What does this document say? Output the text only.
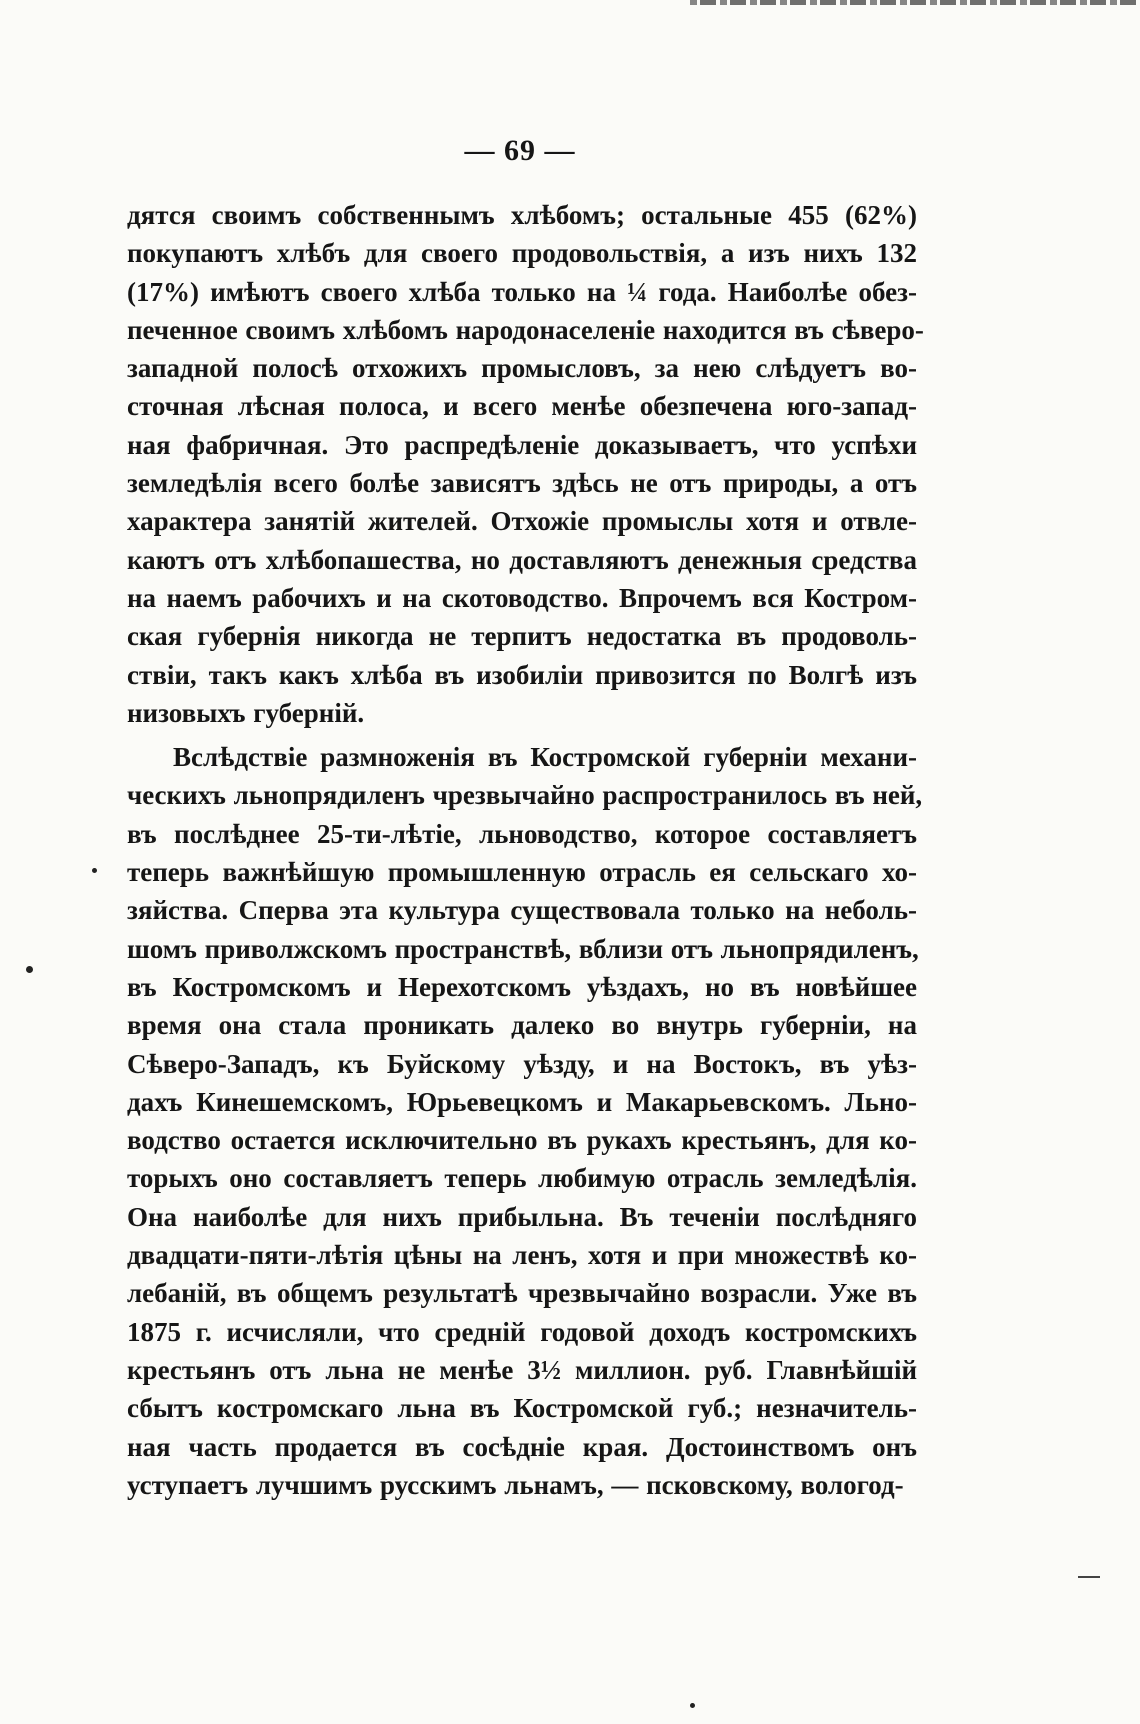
— 69 —
дятся своимъ собственнымъ хлѣбомъ; остальные 455 (62%)
покупаютъ хлѣбъ для своего продовольствія, а изъ нихъ 132
(17%) имѣютъ своего хлѣба только на ¼ года. Наиболѣе обез-
печенное своимъ хлѣбомъ народонаселеніе находится въ сѣверо-
западной полосѣ отхожихъ промысловъ, за нею слѣдуетъ во-
сточная лѣсная полоса, и всего менѣе обезпечена юго-запад-
ная фабричная. Это распредѣленіе доказываетъ, что успѣхи
земледѣлія всего болѣе зависятъ здѣсь не отъ природы, а отъ
характера занятій жителей. Отхожіе промыслы хотя и отвле-
каютъ отъ хлѣбопашества, но доставляютъ денежныя средства
на наемъ рабочихъ и на скотоводство. Впрочемъ вся Костром-
ская губернія никогда не терпитъ недостатка въ продоволь-
ствіи, такъ какъ хлѣба въ изобиліи привозится по Волгѣ изъ
низовыхъ губерній.
Вслѣдствіе размноженія въ Костромской губерніи механи-
ческихъ льнопрядиленъ чрезвычайно распространилось въ ней,
въ послѣднее 25-ти-лѣтіе, льноводство, которое составляетъ
теперь важнѣйшую промышленную отрасль ея сельскаго хо-
зяйства. Сперва эта культура существовала только на неболь-
шомъ приволжскомъ пространствѣ, вблизи отъ льнопрядиленъ,
въ Костромскомъ и Нерехотскомъ уѣздахъ, но въ новѣйшее
время она стала проникать далеко во внутрь губерніи, на
Сѣверо-Западъ, къ Буйскому уѣзду, и на Востокъ, въ уѣз-
дахъ Кинешемскомъ, Юрьевецкомъ и Макарьевскомъ. Льно-
водство остается исключительно въ рукахъ крестьянъ, для ко-
торыхъ оно составляетъ теперь любимую отрасль земледѣлія.
Она наиболѣе для нихъ прибыльна. Въ теченіи послѣдняго
двадцати-пяти-лѣтія цѣны на ленъ, хотя и при множествѣ ко-
лебаній, въ общемъ результатѣ чрезвычайно возрасли. Уже въ
1875 г. исчисляли, что средній годовой доходъ костромскихъ
крестьянъ отъ льна не менѣе 3½ миллион. руб. Главнѣйшій
сбытъ костромскаго льна въ Костромской губ.; незначитель-
ная часть продается въ сосѣдніе края. Достоинствомъ онъ
уступаетъ лучшимъ русскимъ льнамъ, — псковскому, вологод-
